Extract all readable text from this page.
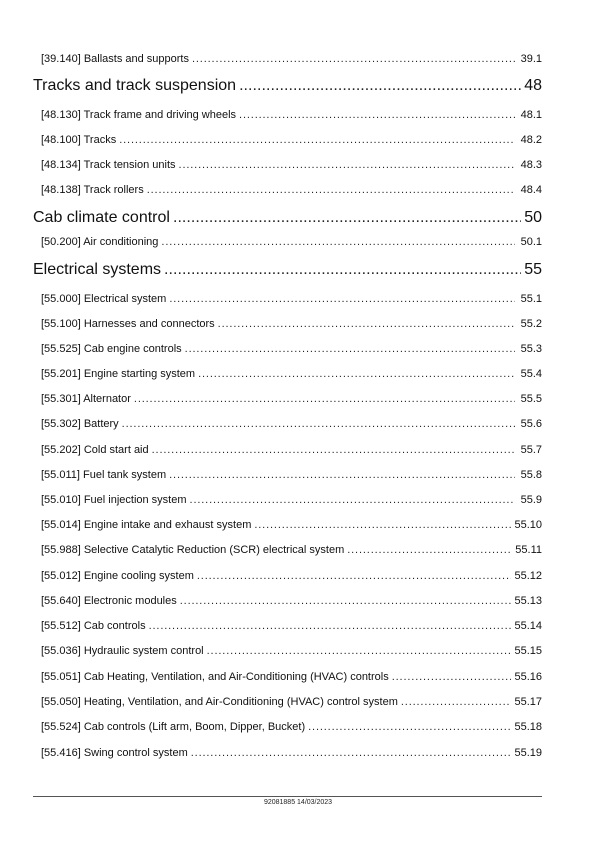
[39.140] Ballasts and supports . . .	39.1
Tracks and track suspension . . .	48
[48.130] Track frame and driving wheels . . .	48.1
[48.100] Tracks . . .	48.2
[48.134] Track tension units . . .	48.3
[48.138] Track rollers . . .	48.4
Cab climate control . . .	50
[50.200] Air conditioning . . .	50.1
Electrical systems . . .	55
[55.000] Electrical system . . .	55.1
[55.100] Harnesses and connectors . . .	55.2
[55.525] Cab engine controls . . .	55.3
[55.201] Engine starting system . . .	55.4
[55.301] Alternator . . .	55.5
[55.302] Battery . . .	55.6
[55.202] Cold start aid . . .	55.7
[55.011] Fuel tank system . . .	55.8
[55.010] Fuel injection system . . .	55.9
[55.014] Engine intake and exhaust system . . .	55.10
[55.988] Selective Catalytic Reduction (SCR) electrical system . . .	55.11
[55.012] Engine cooling system . . .	55.12
[55.640] Electronic modules . . .	55.13
[55.512] Cab controls . . .	55.14
[55.036] Hydraulic system control . . .	55.15
[55.051] Cab Heating, Ventilation, and Air-Conditioning (HVAC) controls . . .	55.16
[55.050] Heating, Ventilation, and Air-Conditioning (HVAC) control system . . .	55.17
[55.524] Cab controls (Lift arm, Boom, Dipper, Bucket) . . .	55.18
[55.416] Swing control system . . .	55.19
92081885 14/03/2023
